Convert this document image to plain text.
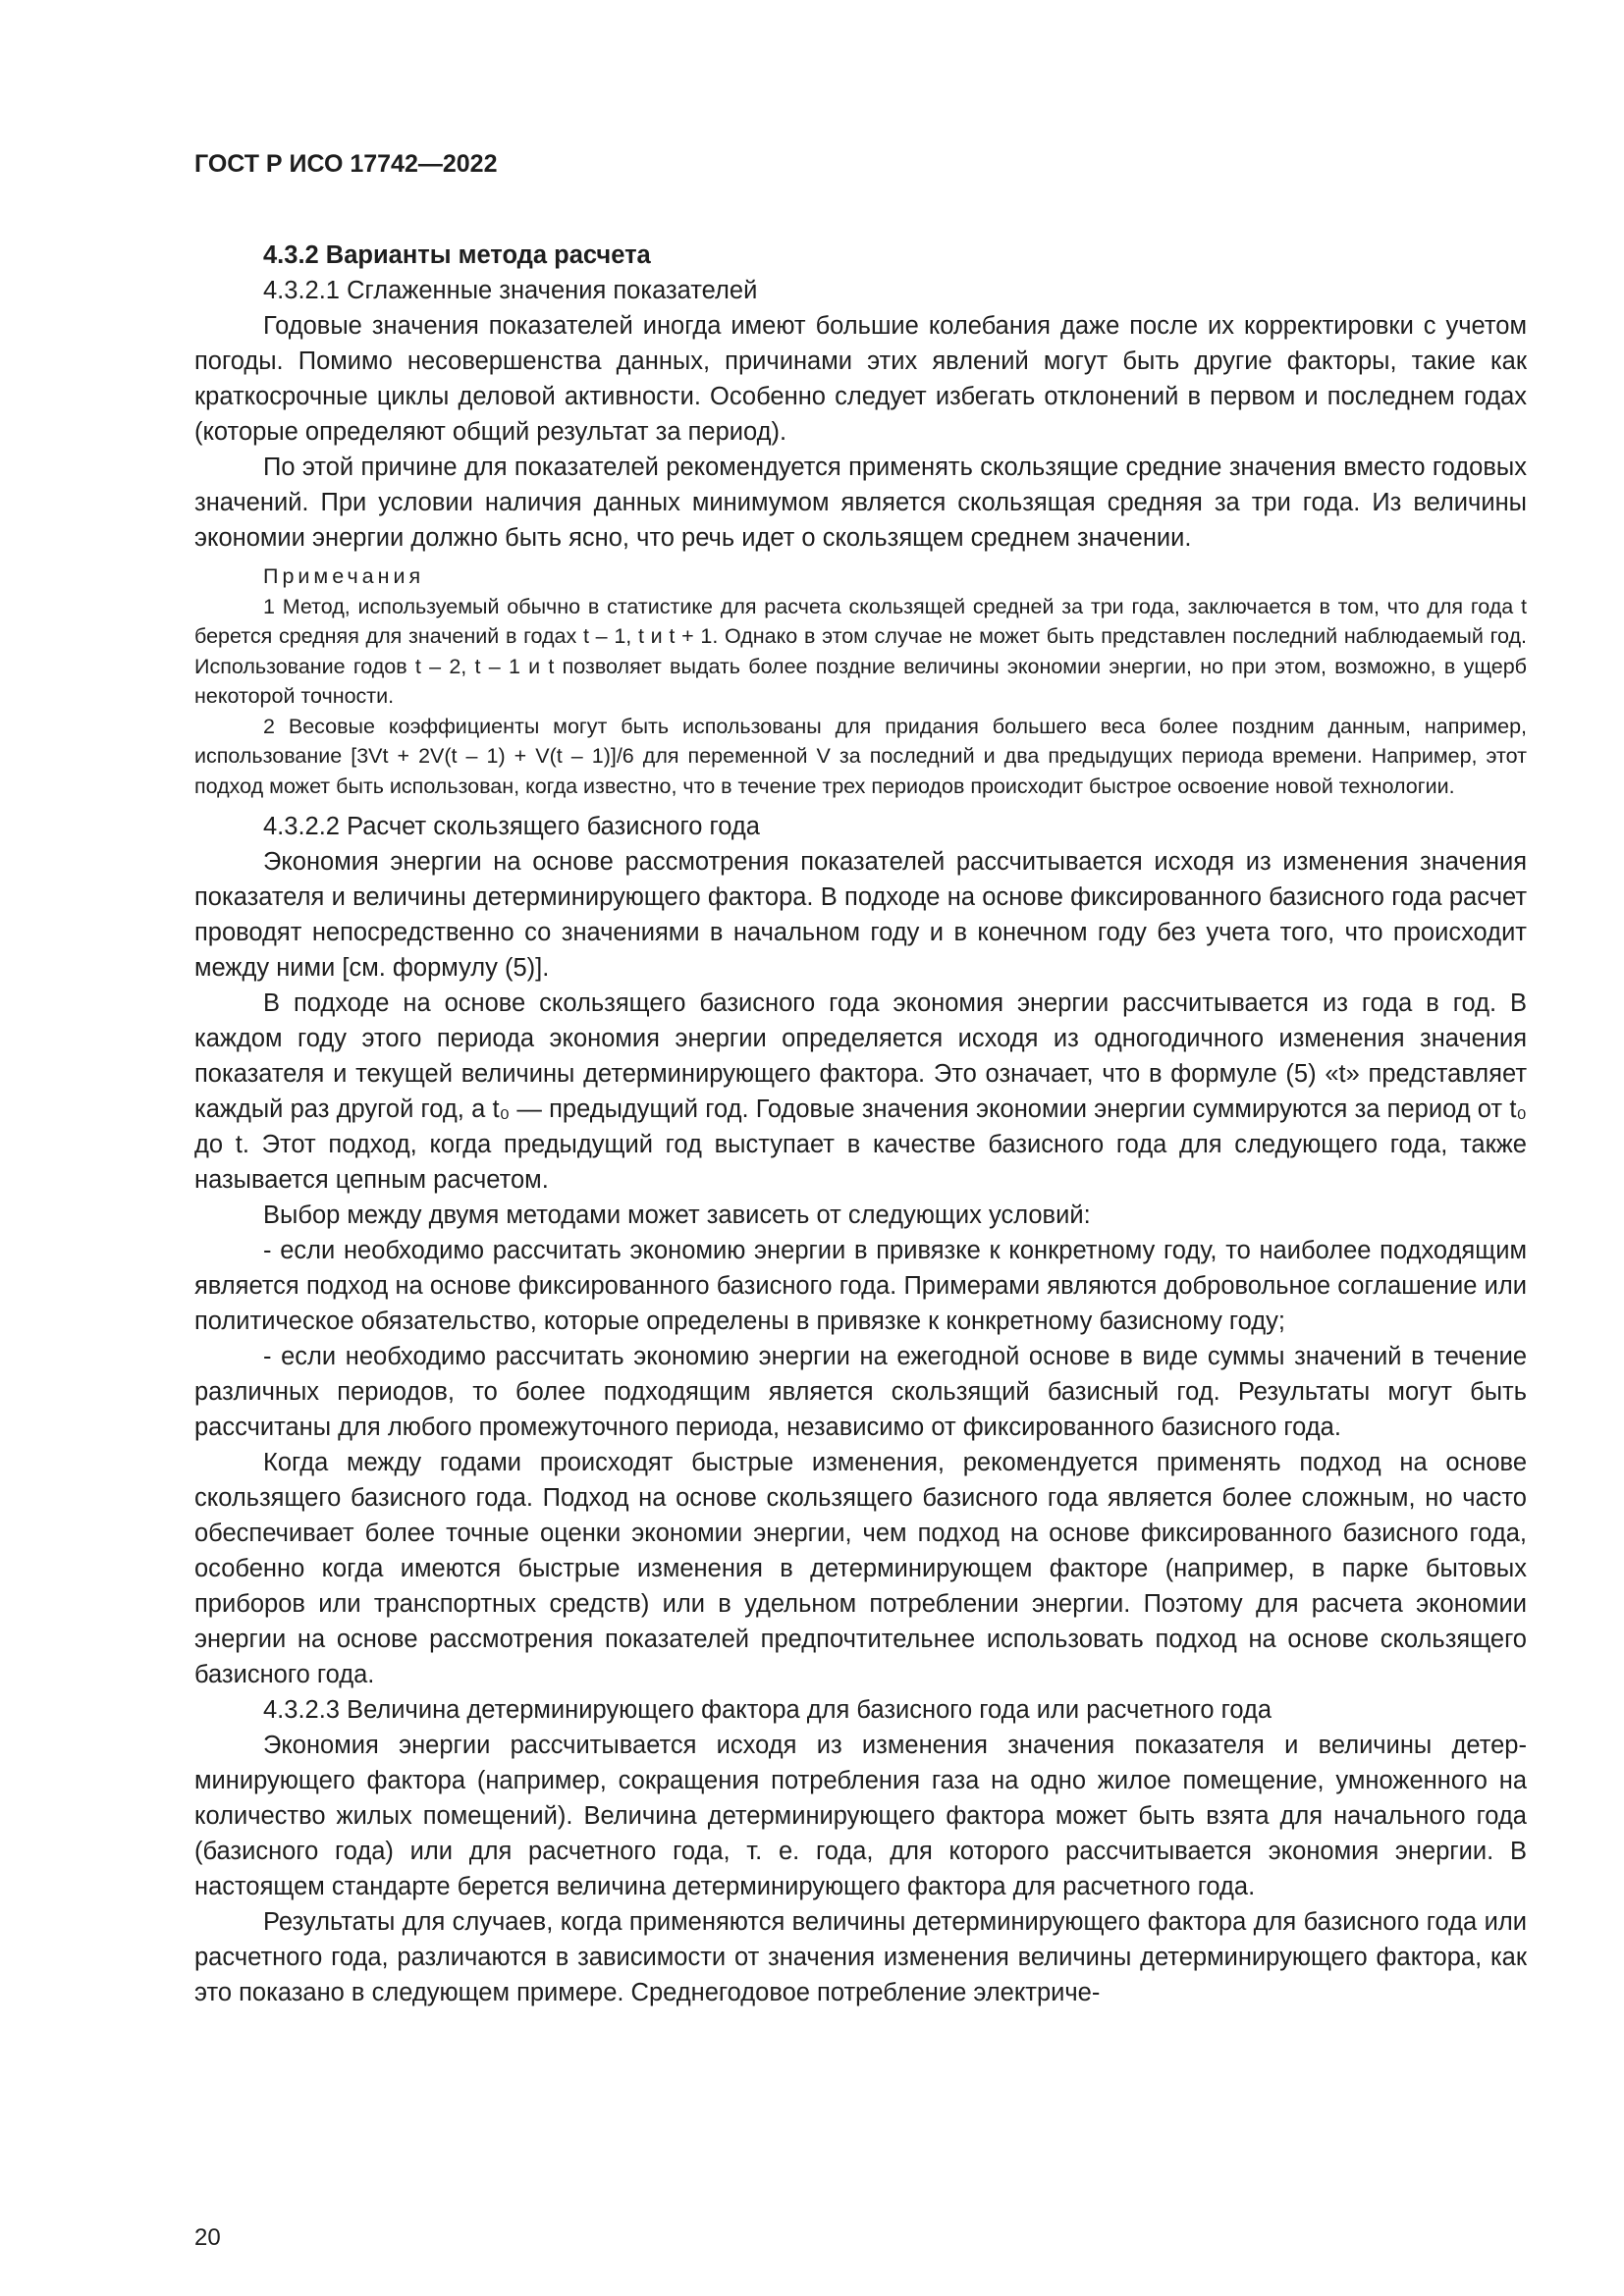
ГОСТ Р ИСО 17742—2022

4.3.2 Варианты метода расчета

4.3.2.1 Сглаженные значения показателей

Годовые значения показателей иногда имеют большие колебания даже после их корректировки с учетом погоды. Помимо несовершенства данных, причинами этих явлений могут быть другие факторы, такие как краткосрочные циклы деловой активности. Особенно следует избегать отклонений в первом и последнем годах (которые определяют общий результат за период).

По этой причине для показателей рекомендуется применять скользящие средние значения вместо годовых значений. При условии наличия данных минимумом является скользящая средняя за три года. Из величины экономии энергии должно быть ясно, что речь идет о скользящем среднем значении.

Примечания

1 Метод, используемый обычно в статистике для расчета скользящей средней за три года, заключается в том, что для года t берется средняя для значений в годах t – 1, t и t + 1. Однако в этом случае не может быть представлен последний наблюдаемый год. Использование годов t – 2, t – 1 и t позволяет выдать более поздние величины экономии энергии, но при этом, возможно, в ущерб некоторой точности.

2 Весовые коэффициенты могут быть использованы для придания большего веса более поздним данным, например, использование [3Vt + 2V(t – 1) + V(t – 1)]/6 для переменной V за последний и два предыдущих периода времени. Например, этот подход может быть использован, когда известно, что в течение трех периодов происходит быстрое освоение новой технологии.

4.3.2.2 Расчет скользящего базисного года

Экономия энергии на основе рассмотрения показателей рассчитывается исходя из изменения значения показателя и величины детерминирующего фактора. В подходе на основе фиксированного базисного года расчет проводят непосредственно со значениями в начальном году и в конечном году без учета того, что происходит между ними [см. формулу (5)].

В подходе на основе скользящего базисного года экономия энергии рассчитывается из года в год. В каждом году этого периода экономия энергии определяется исходя из одногодичного изменения значения показателя и текущей величины детерминирующего фактора. Это означает, что в формуле (5) «t» представляет каждый раз другой год, а t₀ — предыдущий год. Годовые значения экономии энергии суммируются за период от t₀ до t. Этот подход, когда предыдущий год выступает в качестве базисного года для следующего года, также называется цепным расчетом.

Выбор между двумя методами может зависеть от следующих условий:

- если необходимо рассчитать экономию энергии в привязке к конкретному году, то наиболее подходящим является подход на основе фиксированного базисного года. Примерами являются добровольное соглашение или политическое обязательство, которые определены в привязке к конкретному базисному году;

- если необходимо рассчитать экономию энергии на ежегодной основе в виде суммы значений в течение различных периодов, то более подходящим является скользящий базисный год. Результаты могут быть рассчитаны для любого промежуточного периода, независимо от фиксированного базисного года.

Когда между годами происходят быстрые изменения, рекомендуется применять подход на основе скользящего базисного года. Подход на основе скользящего базисного года является более сложным, но часто обеспечивает более точные оценки экономии энергии, чем подход на основе фиксированного базисного года, особенно когда имеются быстрые изменения в детерминирующем факторе (например, в парке бытовых приборов или транспортных средств) или в удельном потреблении энергии. Поэтому для расчета экономии энергии на основе рассмотрения показателей предпочтительнее использовать подход на основе скользящего базисного года.

4.3.2.3 Величина детерминирующего фактора для базисного года или расчетного года

Экономия энергии рассчитывается исходя из изменения значения показателя и величины детерминирующего фактора (например, сокращения потребления газа на одно жилое помещение, умноженного на количество жилых помещений). Величина детерминирующего фактора может быть взята для начального года (базисного года) или для расчетного года, т. е. года, для которого рассчитывается экономия энергии. В настоящем стандарте берется величина детерминирующего фактора для расчетного года.

Результаты для случаев, когда применяются величины детерминирующего фактора для базисного года или расчетного года, различаются в зависимости от значения изменения величины детерминирующего фактора, как это показано в следующем примере. Среднегодовое потребление электриче-

20
